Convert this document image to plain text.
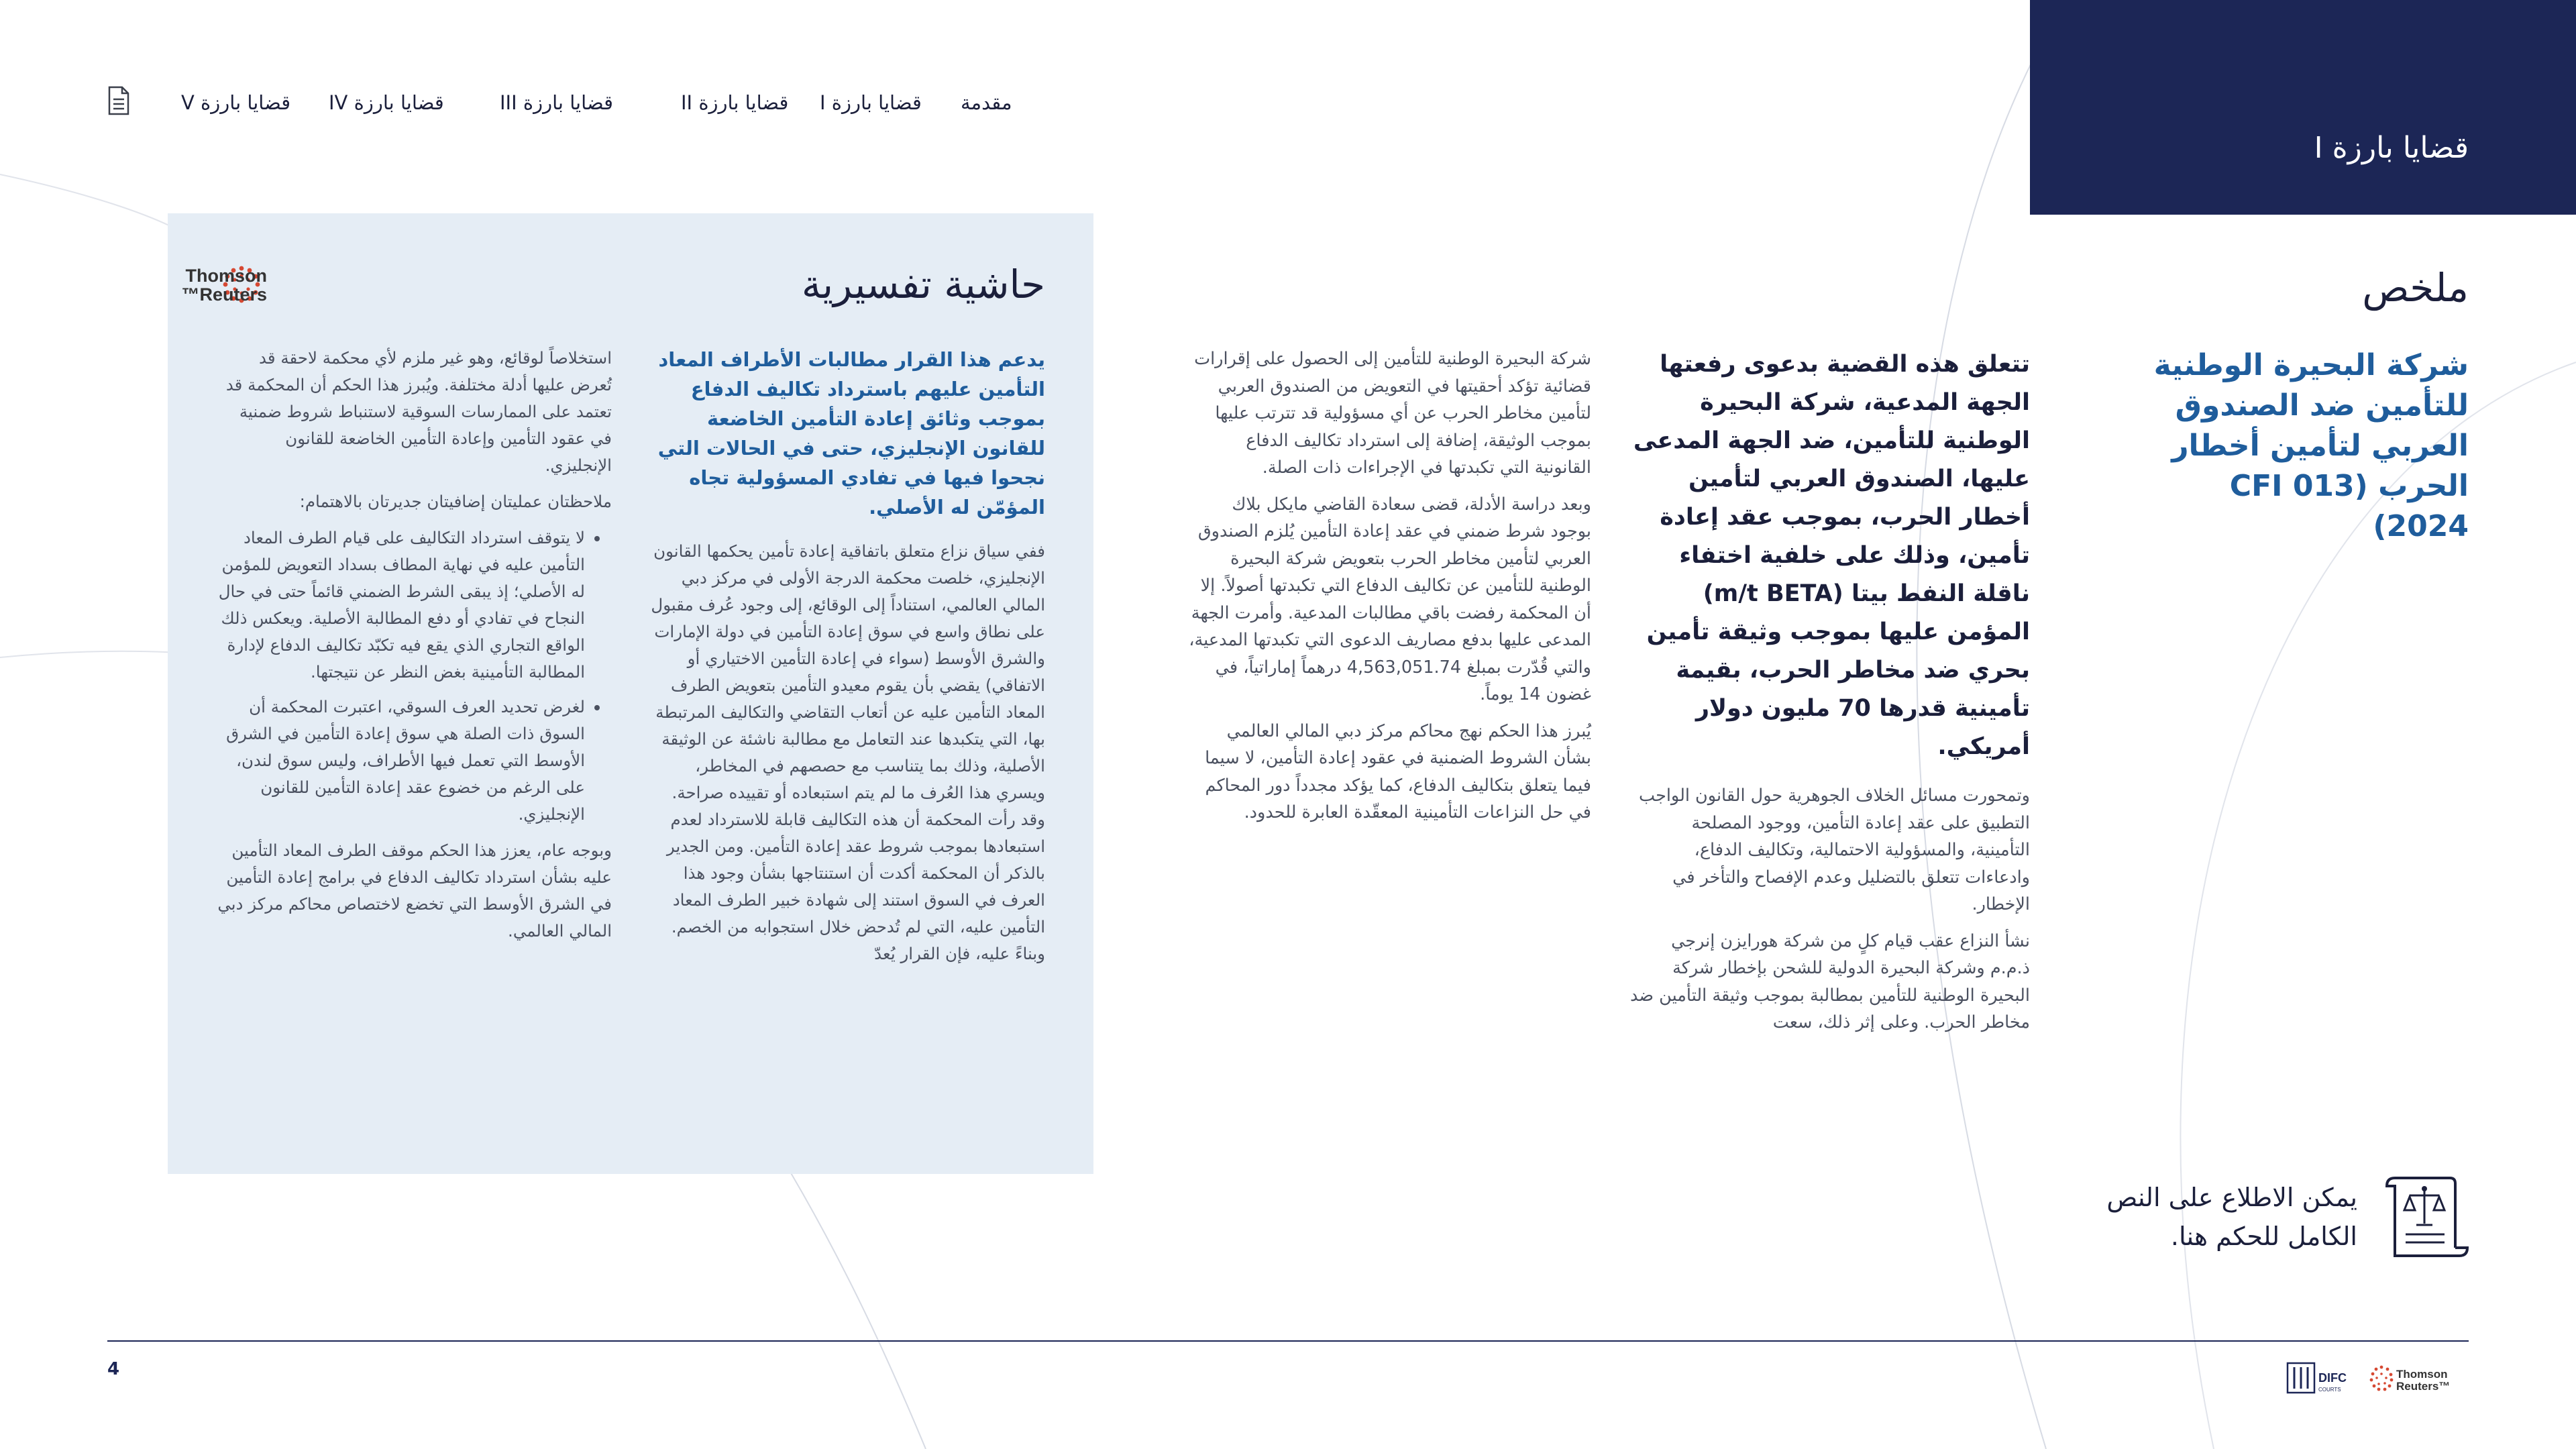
قضايا بارزة V قضايا بارزة IV	قضايا بارزة III	قضايا بارزة II قضايا بارزة I مقدمة
قضايا بارزة I
ملخص
شركة البحيرة الوطنية للتأمين ضد الصندوق العربي لتأمين أخطار الحرب (CFI 013 2024)

تتعلق هذه القضية بدعوى رفعتها الجهة المدعية، شركة البحيرة الوطنية للتأمين، ضد الجهة المدعى عليها، الصندوق العربي لتأمين أخطار الحرب، بموجب عقد إعادة تأمين، وذلك على خلفية اختفاء ناقلة النفط بيتا (m/t BETA) المؤمن عليها بموجب وثيقة تأمين بحري ضد مخاطر الحرب، بقيمة تأمينية قدرها 70 مليون دولار أمريكي.

وتمحورت مسائل الخلاف الجوهرية حول القانون الواجب التطبيق على عقد إعادة التأمين، ووجود المصلحة التأمينية، والمسؤولية الاحتمالية، وتكاليف الدفاع، وادعاءات تتعلق بالتضليل وعدم الإفصاح والتأخر في الإخطار.

نشأ النزاع عقب قيام كلٍ من شركة هورايزن إنرجي ذ.م.م وشركة البحيرة الدولية للشحن بإخطار شركة البحيرة الوطنية للتأمين بمطالبة بموجب وثيقة التأمين ضد مخاطر الحرب. وعلى إثر ذلك، سعت

شركة البحيرة الوطنية للتأمين إلى الحصول على إقرارات قضائية تؤكد أحقيتها في التعويض من الصندوق العربي لتأمين مخاطر الحرب عن أي مسؤولية قد تترتب عليها بموجب الوثيقة، إضافة إلى استرداد تكاليف الدفاع القانونية التي تكبدتها في الإجراءات ذات الصلة.

وبعد دراسة الأدلة، قضى سعادة القاضي مايكل بلاك بوجود شرط ضمني في عقد إعادة التأمين يُلزم الصندوق العربي لتأمين مخاطر الحرب بتعويض شركة البحيرة الوطنية للتأمين عن تكاليف الدفاع التي تكبدتها أصولاً. إلا أن المحكمة رفضت باقي مطالبات المدعية. وأمرت الجهة المدعى عليها بدفع مصاريف الدعوى التي تكبدتها المدعية، والتي قُدّرت بمبلغ 4,563,051.74 درهماً إماراتياً، في غضون 14 يوماً.

يُبرز هذا الحكم نهج محاكم مركز دبي المالي العالمي بشأن الشروط الضمنية في عقود إعادة التأمين، لا سيما فيما يتعلق بتكاليف الدفاع، كما يؤكد مجدداً دور المحاكم في حل النزاعات التأمينية المعقّدة العابرة للحدود.

حاشية تفسيرية
Thomson
Reuters™

يدعم هذا القرار مطالبات الأطراف المعاد التأمين عليهم باسترداد تكاليف الدفاع بموجب وثائق إعادة التأمين الخاضعة للقانون الإنجليزي، حتى في الحالات التي نجحوا فيها في تفادي المسؤولية تجاه المؤمّن له الأصلي.

ففي سياق نزاع متعلق باتفاقية إعادة تأمين يحكمها القانون الإنجليزي، خلصت محكمة الدرجة الأولى في مركز دبي المالي العالمي، استناداً إلى الوقائع، إلى وجود عُرف مقبول على نطاق واسع في سوق إعادة التأمين في دولة الإمارات والشرق الأوسط (سواء في إعادة التأمين الاختياري أو الاتفاقي) يقضي بأن يقوم معيدو التأمين بتعويض الطرف المعاد التأمين عليه عن أتعاب التقاضي والتكاليف المرتبطة بها، التي يتكبدها عند التعامل مع مطالبة ناشئة عن الوثيقة الأصلية، وذلك بما يتناسب مع حصصهم في المخاطر، ويسري هذا العُرف ما لم يتم استبعاده أو تقييده صراحة. وقد رأت المحكمة أن هذه التكاليف قابلة للاسترداد لعدم استبعادها بموجب شروط عقد إعادة التأمين. ومن الجدير بالذكر أن المحكمة أكدت أن استنتاجها بشأن وجود هذا العرف في السوق استند إلى شهادة خبير الطرف المعاد التأمين عليه، التي لم تُدحض خلال استجوابه من الخصم. وبناءً عليه، فإن القرار يُعدّ

استخلاصاً لوقائع، وهو غير ملزم لأي محكمة لاحقة قد تُعرض عليها أدلة مختلفة. ويُبرز هذا الحكم أن المحكمة قد تعتمد على الممارسات السوقية لاستنباط شروط ضمنية في عقود التأمين وإعادة التأمين الخاضعة للقانون الإنجليزي.

ملاحظتان عمليتان إضافيتان جديرتان بالاهتمام:

• لا يتوقف استرداد التكاليف على قيام الطرف المعاد التأمين عليه في نهاية المطاف بسداد التعويض للمؤمن له الأصلي؛ إذ يبقى الشرط الضمني قائماً حتى في حال النجاح في تفادي أو دفع المطالبة الأصلية. ويعكس ذلك الواقع التجاري الذي يقع فيه تكبّد تكاليف الدفاع لإدارة المطالبة التأمينية بغض النظر عن نتيجتها.
• لغرض تحديد العرف السوقي، اعتبرت المحكمة أن السوق ذات الصلة هي سوق إعادة التأمين في الشرق الأوسط التي تعمل فيها الأطراف، وليس سوق لندن، على الرغم من خضوع عقد إعادة التأمين للقانون الإنجليزي.

وبوجه عام، يعزز هذا الحكم موقف الطرف المعاد التأمين عليه بشأن استرداد تكاليف الدفاع في برامج إعادة التأمين في الشرق الأوسط التي تخضع لاختصاص محاكم مركز دبي المالي العالمي.

يمكن الاطلاع على النص الكامل للحكم هنا.
4	DIFC
COURTS
Thomson
Reuters™
